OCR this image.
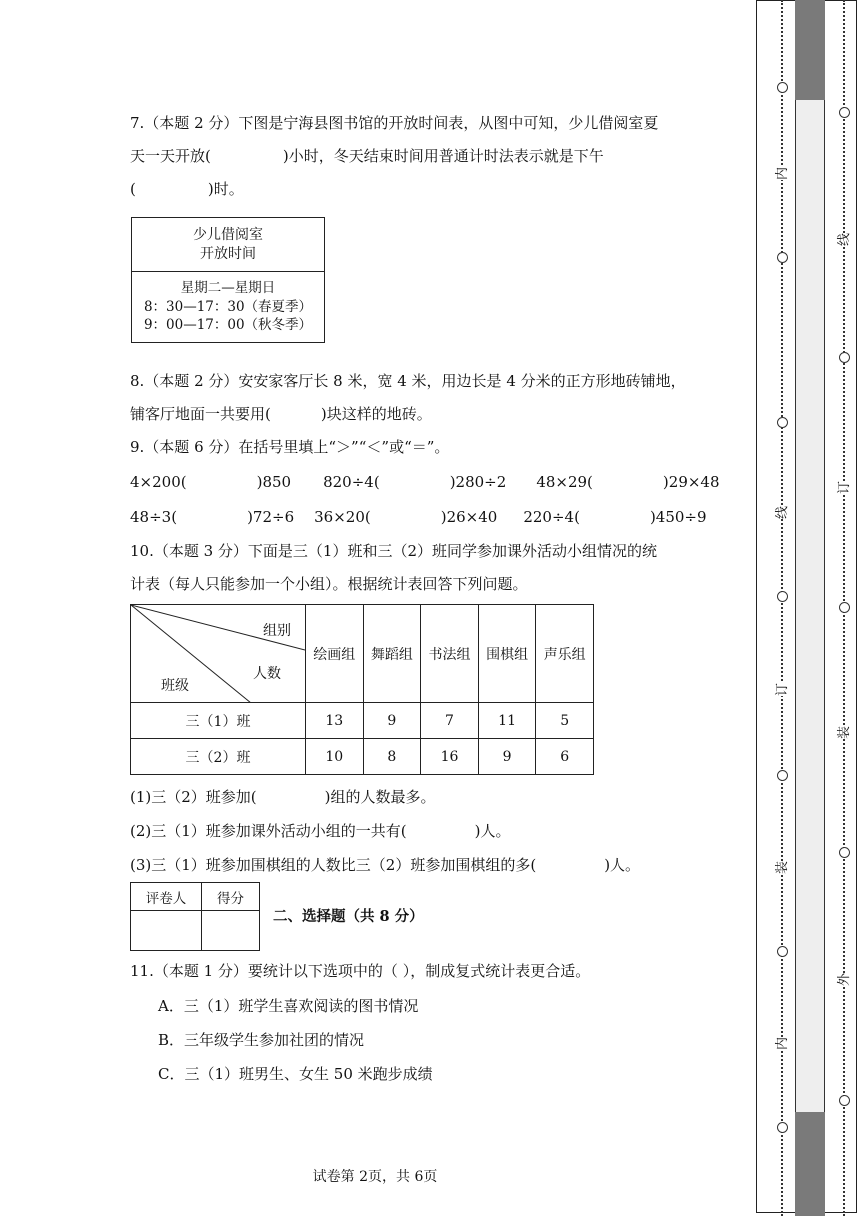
7.（本题 2 分）下图是宁海县图书馆的开放时间表，从图中可知，少儿借阅室夏
天一天开放(	)小时，冬天结束时间用普通计时法表示就是下午
(	)时。
少儿借阅室
开放时间

星期二—星期日
8：30—17：30（春夏季）
9：00—17：00（秋冬季）
8.（本题 2 分）安安家客厅长 8 米，宽 4 米，用边长是 4 分米的正方形地砖铺地，
铺客厅地面一共要用(	)块这样的地砖。
9.（本题 6 分）在括号里填上“＞”“＜”或“＝”。
4×200(	)850 820÷4(	)280÷2 48×29(	)29×48
48÷3(	)72÷6 36×20(	)26×40 220÷4(	)450÷9
10.（本题 3 分）下面是三（1）班和三（2）班同学参加课外活动小组情况的统
计表（每人只能参加一个小组）。根据统计表回答下列问题。
组别
人数
班级	绘画组	舞蹈组	书法组	围棋组	声乐组
三（1）班	13	9	7	11	5
三（2）班	10	8	16	9	6
(1)三（2）班参加(	)组的人数最多。
(2)三（1）班参加课外活动小组的一共有(	)人。
(3)三（1）班参加围棋组的人数比三（2）班参加围棋组的多(	)人。
评卷人	得分

二、选择题（共 8 分）
11.（本题 1 分）要统计以下选项中的（ ），制成复式统计表更合适。
A．三（1）班学生喜欢阅读的图书情况
B．三年级学生参加社团的情况
C．三（1）班男生、女生 50 米跑步成绩
试卷第 2页，共 6页
内
线
订
装
内
线
订
装
外
